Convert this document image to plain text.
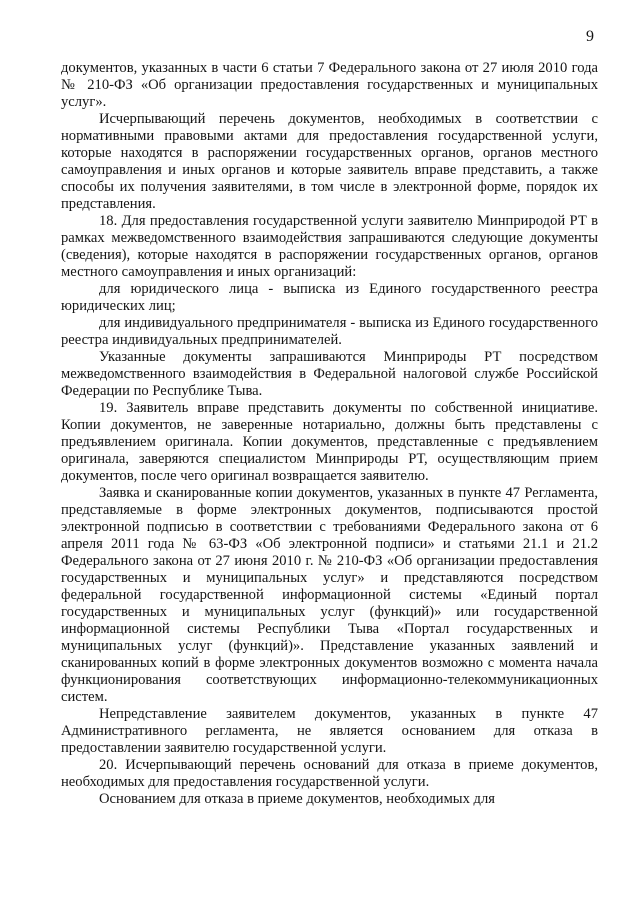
9

документов, указанных в части 6 статьи 7 Федерального закона от 27 июля 2010 года № 210-ФЗ «Об организации предоставления государственных и муниципальных услуг».

Исчерпывающий перечень документов, необходимых в соответствии с нормативными правовыми актами для предоставления государственной услуги, которые находятся в распоряжении государственных органов, органов местного самоуправления и иных органов и которые заявитель вправе представить, а также способы их получения заявителями, в том числе в электронной форме, порядок их представления.

18. Для предоставления государственной услуги заявителю Минприродой РТ в рамках межведомственного взаимодействия запрашиваются следующие документы (сведения), которые находятся в распоряжении государственных органов, органов местного самоуправления и иных организаций:

для юридического лица - выписка из Единого государственного реестра юридических лиц;

для индивидуального предпринимателя - выписка из Единого государственного реестра индивидуальных предпринимателей.

Указанные документы запрашиваются Минприроды РТ посредством межведомственного взаимодействия в Федеральной налоговой службе Российской Федерации по Республике Тыва.

19. Заявитель вправе представить документы по собственной инициативе. Копии документов, не заверенные нотариально, должны быть представлены с предъявлением оригинала. Копии документов, представленные с предъявлением оригинала, заверяются специалистом Минприроды РТ, осуществляющим прием документов, после чего оригинал возвращается заявителю.

Заявка и сканированные копии документов, указанных в пункте 47 Регламента, представляемые в форме электронных документов, подписываются простой электронной подписью в соответствии с требованиями Федерального закона от 6 апреля 2011 года № 63-ФЗ «Об электронной подписи» и статьями 21.1 и 21.2 Федерального закона от 27 июня 2010 г. № 210-ФЗ «Об организации предоставления государственных и муниципальных услуг» и представляются посредством федеральной государственной информационной системы «Единый портал государственных и муниципальных услуг (функций)» или государственной информационной системы Республики Тыва «Портал государственных и муниципальных услуг (функций)». Представление указанных заявлений и сканированных копий в форме электронных документов возможно с момента начала функционирования соответствующих информационно-телекоммуникационных систем.

Непредставление заявителем документов, указанных в пункте 47 Административного регламента, не является основанием для отказа в предоставлении заявителю государственной услуги.

20. Исчерпывающий перечень оснований для отказа в приеме документов, необходимых для предоставления государственной услуги.

Основанием для отказа в приеме документов, необходимых для
